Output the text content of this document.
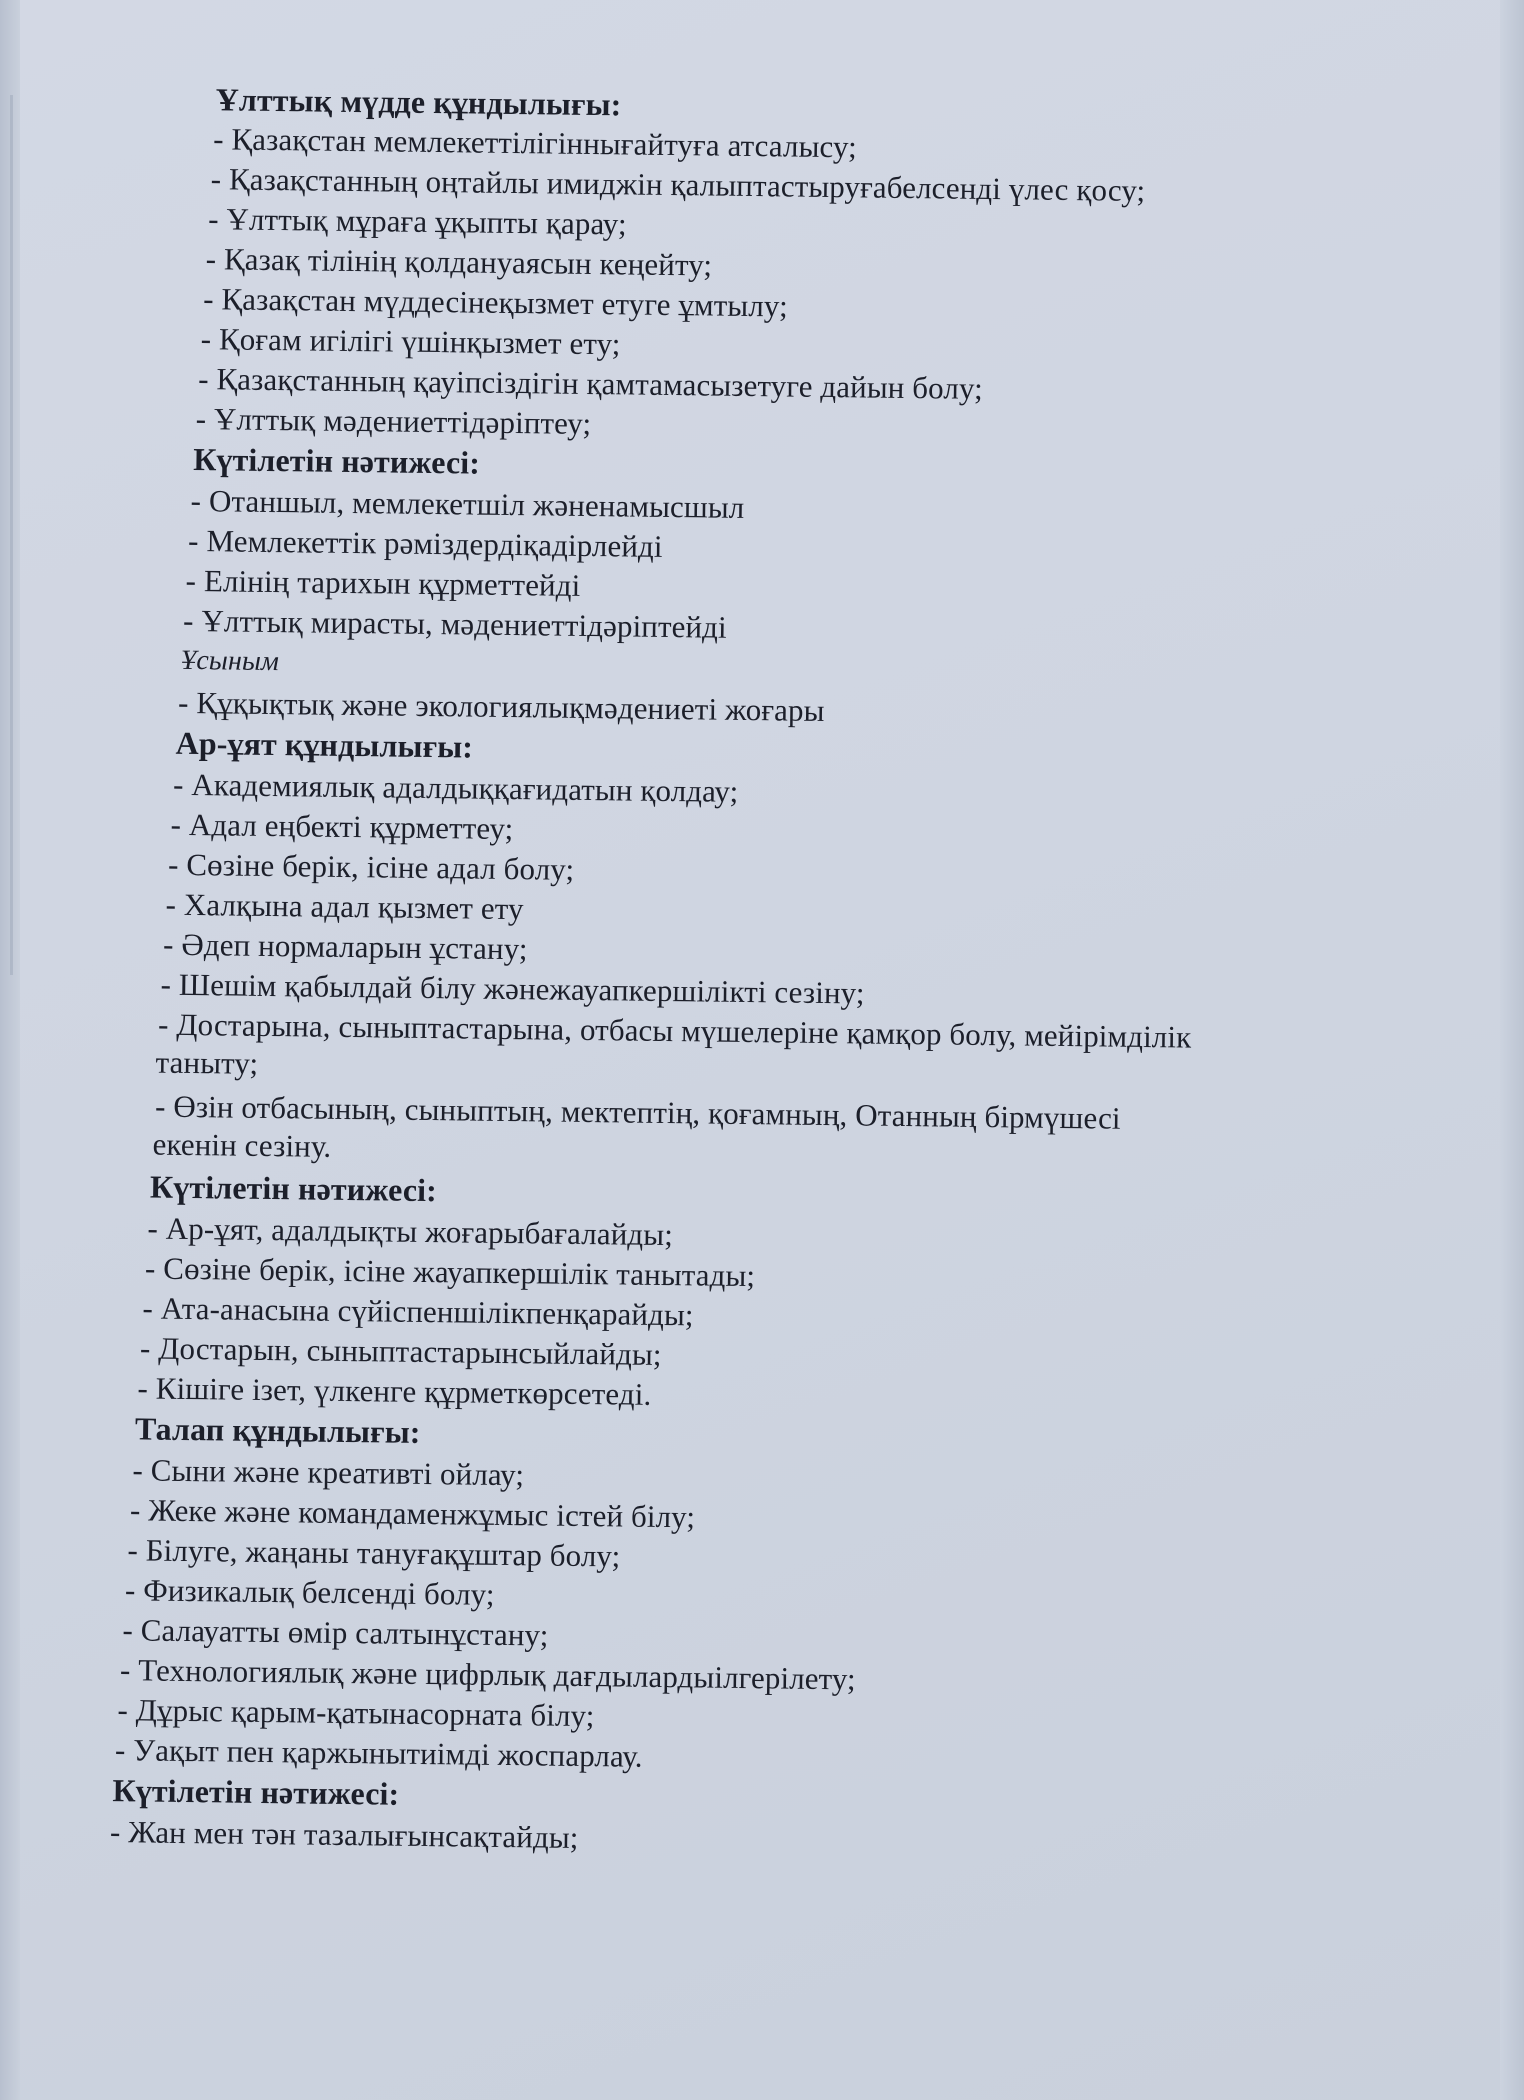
Ұлттық мүдде құндылығы:
- Қазақстан мемлекеттілігіннығайтуға атсалысу;
- Қазақстанның оңтайлы имиджін қалыптастыруғабелсенді үлес қосу;
- Ұлттық мұраға ұқыпты қарау;
- Қазақ тілінің қолдануаясын кеңейту;
- Қазақстан мүддесінеқызмет етуге ұмтылу;
- Қоғам игілігі үшінқызмет ету;
- Қазақстанның қауіпсіздігін қамтамасызетуге дайын болу;
- Ұлттық мәдениеттідәріптеу;
Күтілетін нәтижесі:
- Отаншыл, мемлекетшіл жәненамысшыл
- Мемлекеттік рәміздердіқадірлейді
- Елінің тарихын құрметтейді
- Ұлттық мирасты, мәдениеттідәріптейді
Ұсыным
- Құқықтық және экологиялықмәдениеті жоғары
Ар-ұят құндылығы:
- Академиялық адалдыққағидатын қолдау;
- Адал еңбекті құрметтеу;
- Сөзіне берік, ісіне адал болу;
- Халқына адал қызмет ету
- Әдеп нормаларын ұстану;
- Шешім қабылдай білу жәнежауапкершілікті сезіну;
- Достарына, сыныптастарына, отбасы мүшелеріне қамқор болу, мейірімділік
таныту;
- Өзін отбасының, сыныптың, мектептің, қоғамның, Отанның бірмүшесі
екенін сезіну.
Күтілетін нәтижесі:
- Ар-ұят, адалдықты жоғарыбағалайды;
- Сөзіне берік, ісіне жауапкершілік танытады;
- Ата-анасына сүйіспеншілікпенқарайды;
- Достарын, сыныптастарынсыйлайды;
- Кішіге ізет, үлкенге құрметкөрсетеді.
Талап құндылығы:
- Сыни және креативті ойлау;
- Жеке және командаменжұмыс істей білу;
- Білуге, жаңаны тануғақұштар болу;
- Физикалық белсенді болу;
- Салауатты өмір салтынұстану;
- Технологиялық және цифрлық дағдылардыілгерілету;
- Дұрыс қарым-қатынасорната білу;
- Уақыт пен қаржынытиімді жоспарлау.
Күтілетін нәтижесі:
- Жан мен тән тазалығынсақтайды;
